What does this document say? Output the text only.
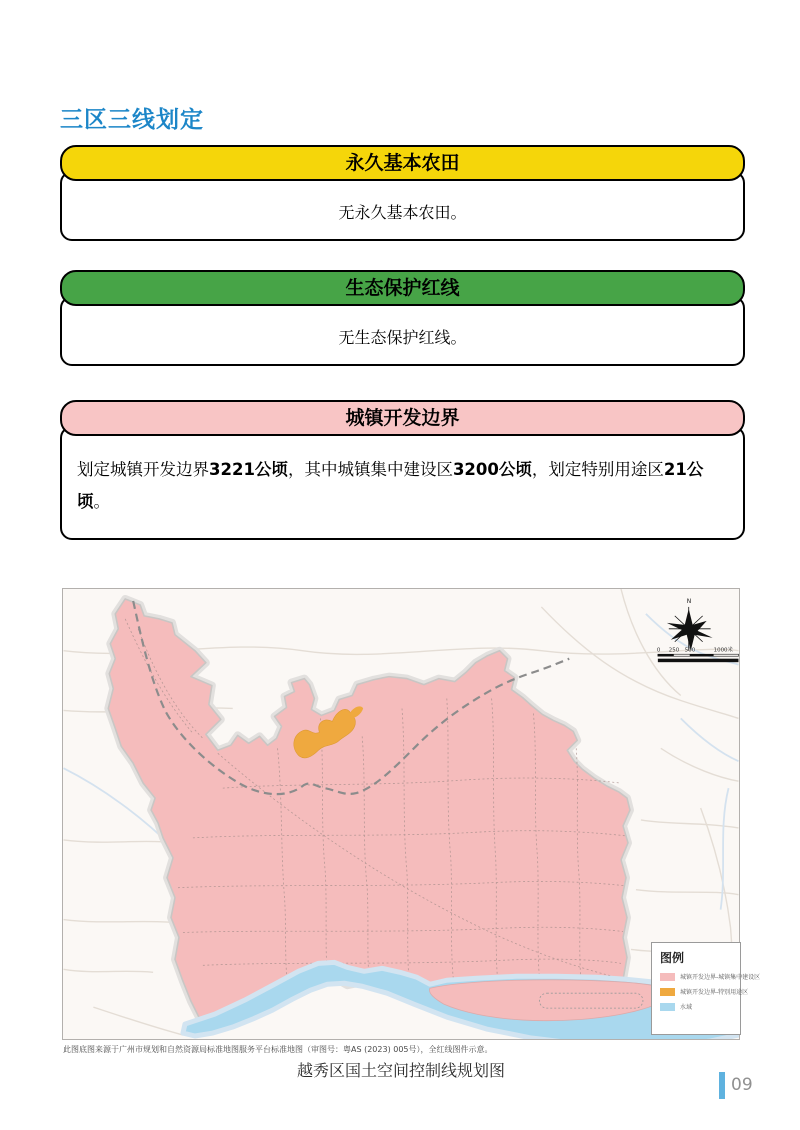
三区三线划定
永久基本农田

无永久基本农田。

生态保护红线

无生态保护红线。

城镇开发边界

划定城镇开发边界3221公顷，其中城镇集中建设区3200公顷，划定特别用途区21公顷。

N
0 250 500	1000米
图例
城镇开发边界-城镇集中建设区
城镇开发边界-特别用途区
水域
此图底图来源于广州市规划和自然资源局标准地图服务平台标准地图（审图号：粤AS (2023) 005号），全红线图件示意。
越秀区国土空间控制线规划图
09
